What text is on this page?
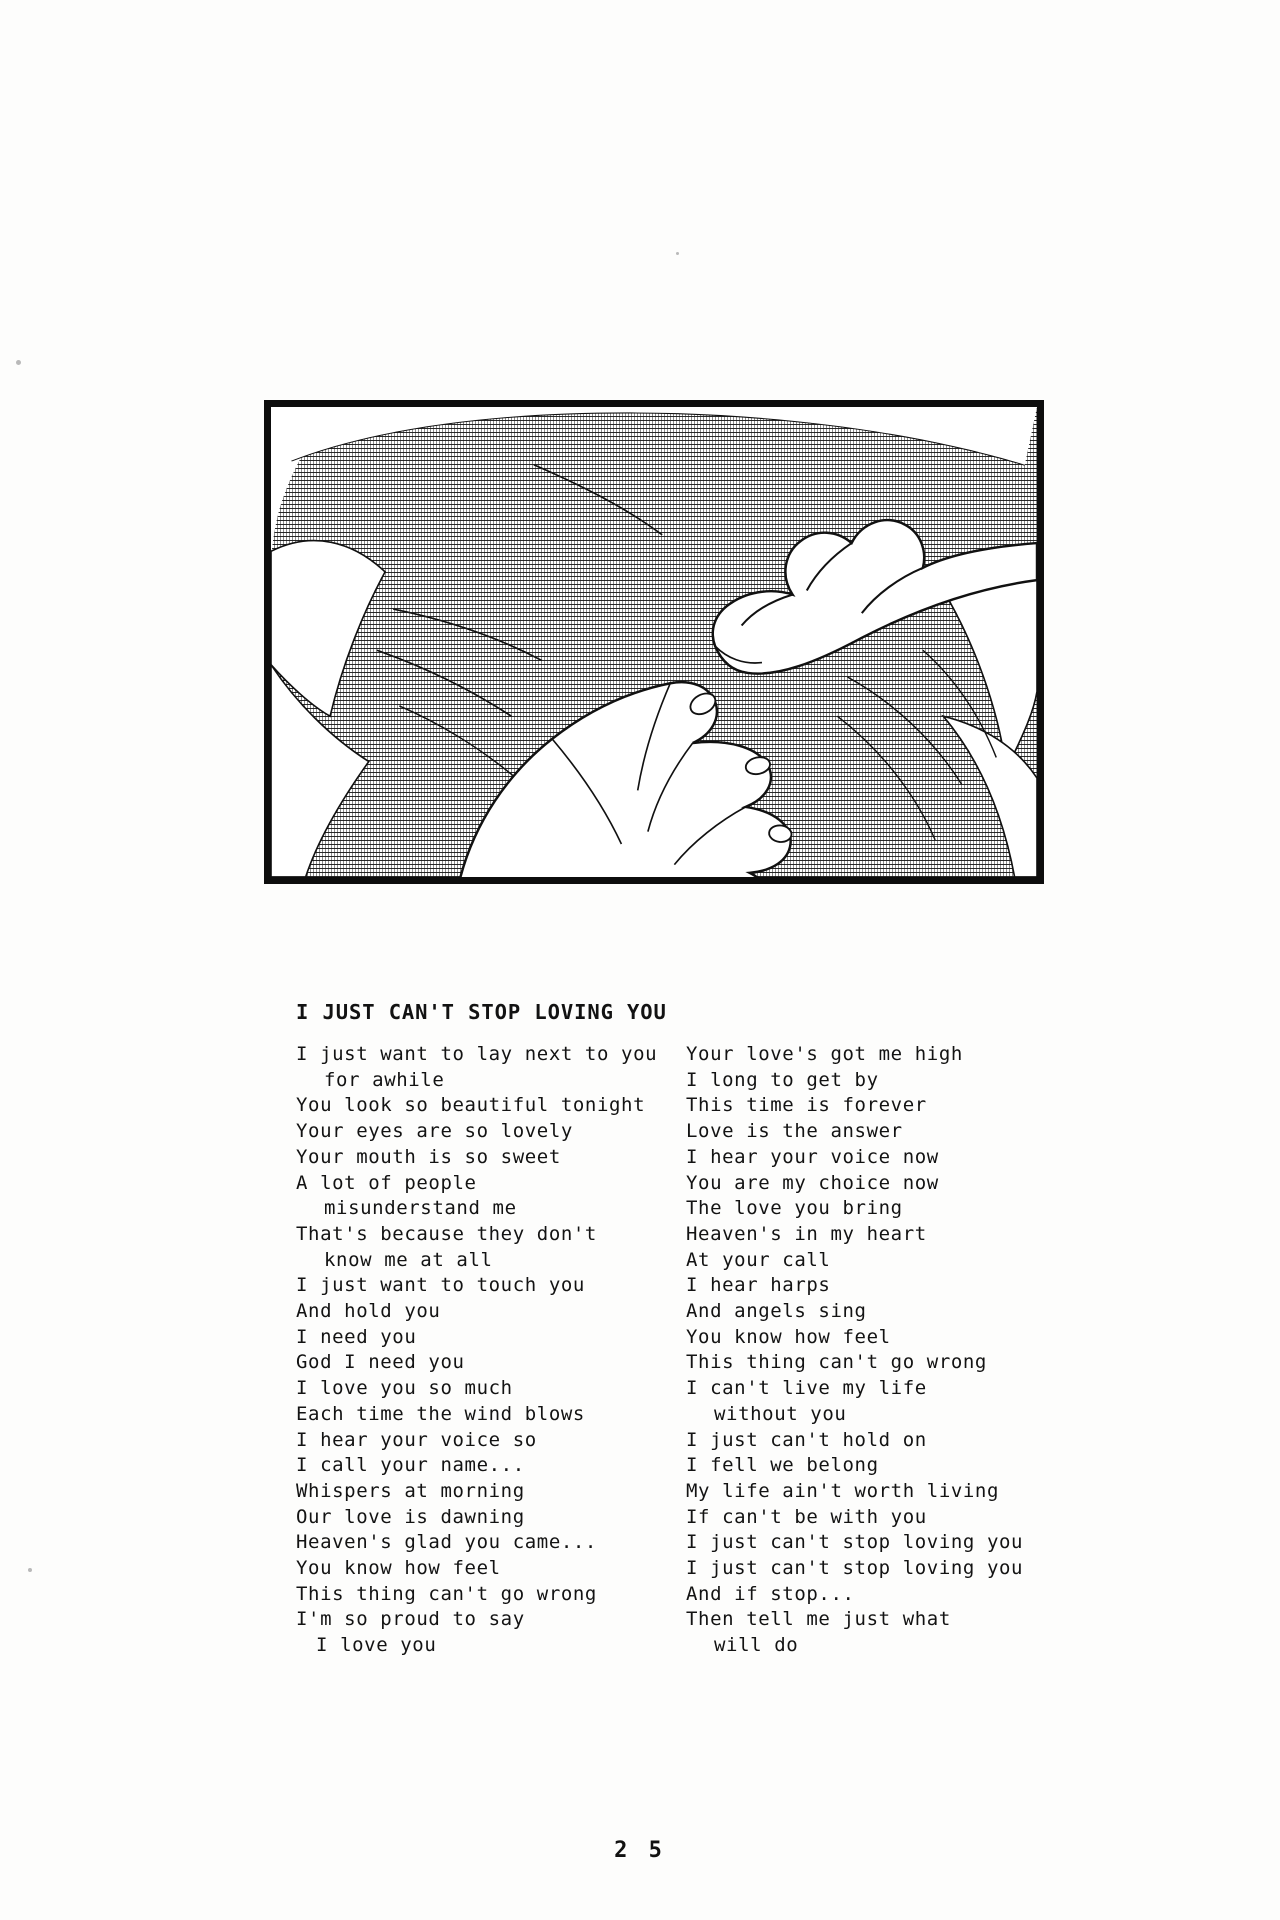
I JUST CAN'T STOP LOVING YOU
I just want to lay next to you
for awhile
You look so beautiful tonight
Your eyes are so lovely
Your mouth is so sweet
A lot of people
misunderstand me
That's because they don't
know me at all
I just want to touch you
And hold you
I need you
God I need you
I love you so much
Each time the wind blows
I hear your voice so
I call your name...
Whispers at morning
Our love is dawning
Heaven's glad you came...
You know how feel
This thing can't go wrong
I'm so proud to say
I love you
Your love's got me high
I long to get by
This time is forever
Love is the answer
I hear your voice now
You are my choice now
The love you bring
Heaven's in my heart
At your call
I hear harps
And angels sing
You know how feel
This thing can't go wrong
I can't live my life
without you
I just can't hold on
I fell we belong
My life ain't worth living
If can't be with you
I just can't stop loving you
I just can't stop loving you
And if stop...
Then tell me just what
will do
2 5
